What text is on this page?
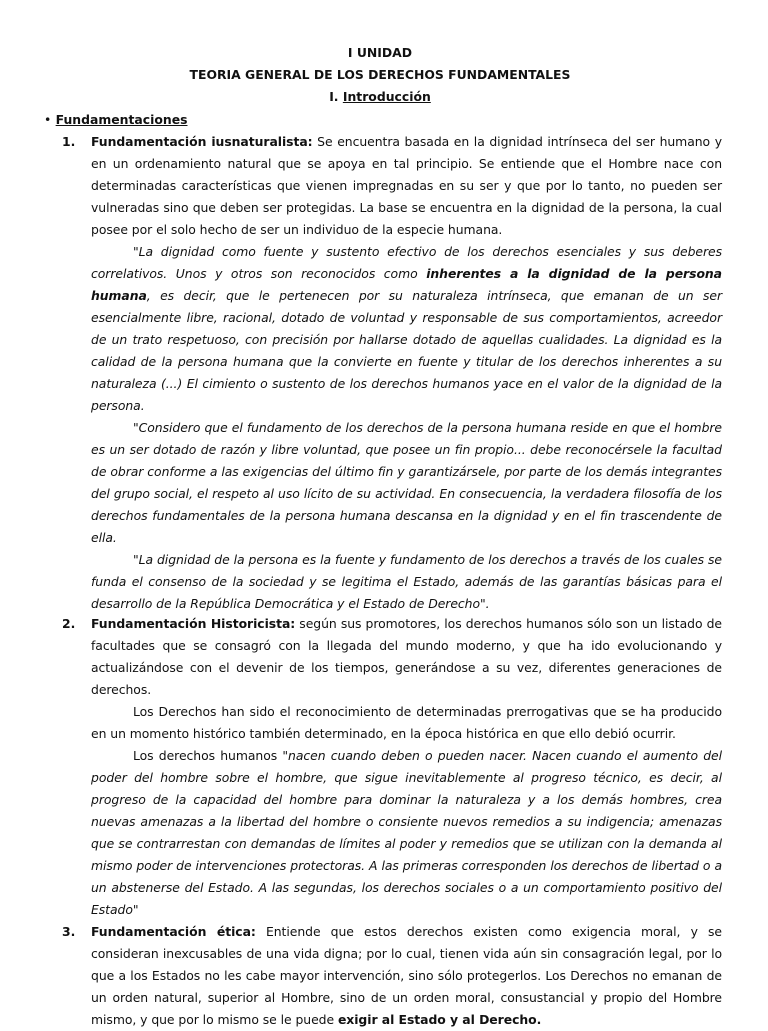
I UNIDAD
TEORIA GENERAL DE LOS DERECHOS FUNDAMENTALES
I. Introducción
• Fundamentaciones
1.	Fundamentación iusnaturalista: Se encuentra basada en la dignidad intrínseca del ser humano y en un ordenamiento natural que se apoya en tal principio. Se entiende que el Hombre nace con determinadas características que vienen impregnadas en su ser y que por lo tanto, no pueden ser vulneradas sino que deben ser protegidas. La base se encuentra en la dignidad de la persona, la cual posee por el solo hecho de ser un individuo de la especie humana.
"La dignidad como fuente y sustento efectivo de los derechos esenciales y sus deberes correlativos. Unos y otros son reconocidos como inherentes a la dignidad de la persona humana, es decir, que le pertenecen por su naturaleza intrínseca, que emanan de un ser esencialmente libre, racional, dotado de voluntad y responsable de sus comportamientos, acreedor de un trato respetuoso, con precisión por hallarse dotado de aquellas cualidades. La dignidad es la calidad de la persona humana que la convierte en fuente y titular de los derechos inherentes a su naturaleza (...) El cimiento o sustento de los derechos humanos yace en el valor de la dignidad de la persona.
"Considero que el fundamento de los derechos de la persona humana reside en que el hombre es un ser dotado de razón y libre voluntad, que posee un fin propio... debe reconocérsele la facultad de obrar conforme a las exigencias del último fin y garantizársele, por parte de los demás integrantes del grupo social, el respeto al uso lícito de su actividad. En consecuencia, la verdadera filosofía de los derechos fundamentales de la persona humana descansa en la dignidad y en el fin trascendente de ella.
"La dignidad de la persona es la fuente y fundamento de los derechos a través de los cuales se funda el consenso de la sociedad y se legitima el Estado, además de las garantías básicas para el desarrollo de la República Democrática y el Estado de Derecho".
2.	Fundamentación Historicista: según sus promotores, los derechos humanos sólo son un listado de facultades que se consagró con la llegada del mundo moderno, y que ha ido evolucionando y actualizándose con el devenir de los tiempos, generándose a su vez, diferentes generaciones de derechos.
Los Derechos han sido el reconocimiento de determinadas prerrogativas que se ha producido en un momento histórico también determinado, en la época histórica en que ello debió ocurrir.
Los derechos humanos "nacen cuando deben o pueden nacer. Nacen cuando el aumento del poder del hombre sobre el hombre, que sigue inevitablemente al progreso técnico, es decir, al progreso de la capacidad del hombre para dominar la naturaleza y a los demás hombres, crea nuevas amenazas a la libertad del hombre o consiente nuevos remedios a su indigencia; amenazas que se contrarrestan con demandas de límites al poder y remedios que se utilizan con la demanda al mismo poder de intervenciones protectoras. A las primeras corresponden los derechos de libertad o a un abstenerse del Estado. A las segundas, los derechos sociales o a un comportamiento positivo del Estado"
3.	Fundamentación ética: Entiende que estos derechos existen como exigencia moral, y se consideran inexcusables de una vida digna; por lo cual, tienen vida aún sin consagración legal, por lo que a los Estados no les cabe mayor intervención, sino sólo protegerlos. Los Derechos no emanan de un orden natural, superior al Hombre, sino de un orden moral, consustancial y propio del Hombre mismo, y que por lo mismo se le puede exigir al Estado y al Derecho.
